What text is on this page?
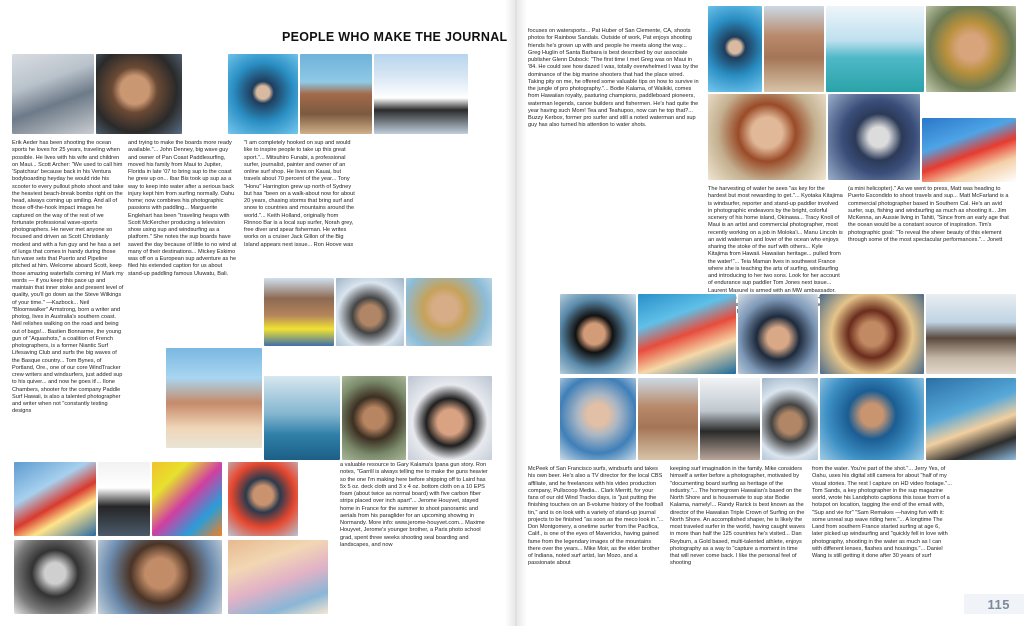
PEOPLE WHO MAKE THE JOURNAL
Erik Aeder has been shooting the ocean sports he loves for 25 years, traveling when possible. He lives with his wife and children on Maui... Scott Archer: "We used to call him 'Spatchsur' because back in his Ventura bodyboarding heyday he would ride his scooter to every pullout photo shoot and take the heaviest beach-break bombs right on the head, always coming up smiling. And all of those off-the-hook impact images he captured on the way of the rest of we fortunate professional wave-sports photographers. He never met anyone so focused and driven as Scott Christianly modest and with a fun guy and he has a set of lungs that comes in handy during those fun wave sets that Puerto and Pipeline pitched at him. Welcome aboard Scott, keep those amazing waterfalls coming in! Mark my words — if you keep this pace up and maintain that inner stoke and present level of quality, you'll go down as the Steve Wilkings of your time." —Kazbock... Neil "Bloomwalker" Armstrong, born a writer and photog, lives in Australia's southern coast. Neil relishes walking on the road and being out of bags!... Bastien Bonnarme, the young gun of "Aquashots," a coalition of French photographers, is a former Niantic Surf Lifesaving Club and surfs the big waves of the Basque country... Tom Bynes, of Portland, Ore., one of our core WindTracker crew writers and windsurfers, just added sup to his quiver... and now he goes it!... Ilone Chambers, shooter for the company Paddle Surf Hawaii, is also a talented photographer and writer when not "constantly testing designs
and trying to make the boards more ready available."... John Denney, big wave guy and owner of Pan Coast Paddlesurfing, moved his family from Maui to Jupiter, Florida in late '07 to bring sup to the coast he grew up on... Ibar Bis took up sup as a way to keep into water after a serious back injury kept him from surfing normally. Oahu home; now combines his photographic passions with paddling... Marguerite Englehart has been "traveling heaps with Scott McKercher producing a television show using sup and windsurfing as a platform." She notes the sup boards have saved the day because of little to no wind at many of their destinations... Mickey Eskimo was off on a European sup adventure as he filed his extended caption for us about stand-up paddling famous Uluwatu, Bali.
"I am completely hooked on sup and would like to inspire people to take up this great sport."... Mitsuhiro Funabi, a professional surfer, journalist, painter and owner of an online surf shop. He lives on Kauai, but travels about 70 percent of the year... Tony "Honu" Harrington grew up north of Sydney but has "been on a walk-about now for about 20 years, chasing storms that bring surf and snow to countries and mountains around the world."... Keith Holland, originally from Rinnoo Bar is a local sup surfer, Norah grey, free diver and spear fisherman. He writes works on a cruiser Jack Gillon of the Big Island appears next issue... Ron Hoove was
a valuable resource to Gary Kalama's Ipana gun story. Ron notes, "Garrill is always telling me to make the guns heavier so the one I'm making here before shipping off to Laird has 5x 5 oz. deck cloth and 3 x 4 oz. bottom cloth on a 10 EPS foam (about twice as normal board) with five carbon fiber strips placed over inch apart"... Jerome Houyvet, stayed home in France for the summer to shoot panoramic and aerials from his paraglider for an upcoming showing in Normandy. More info: www.jerome-houyvet.com... Maxime Houyvet, Jerome's younger brother, a Paris photo school grad, spent three weeks shooting seal boarding and landscapes, and now
focuses on watersports... Pat Huber of San Clemente, CA, shoots photos for Rainbow Sandals. Outside of work, Pat enjoys shooting friends he's grown up with and people he meets along the way... Greg Huglin of Santa Barbara is best described by our associate publisher Glenn Dubock: "The first time I met Greg was on Maui in '84. He could see how dazed I was, totally overwhelmed I was by the dominance of the big marine shooters that had the place wired. Taking pity on me, he offered some valuable tips on how to survive in the jungle of pro photography."... Bodie Kalama, of Waikiki, comes from Hawaiian royalty, pasturing champions, paddleboard pioneers, waterman legends, canoe builders and fishermen. He's had quite the year having such Mom! Tea and Teahupoo, now can he top that?... Buzzy Kerbox, former pro surfer and still a noted waterman and sup guy has also turned his attention to water shots.
The harvesting of water he sees "as key for the hardest but most rewarding to get."... Kyotaka Kitajima is windsurfer, reporter and stand-up paddler involved in photographic endeavors by the bright, colorful scenery of his home island, Okinawa... Tracy Knoll of Maui is an artist and commercial photographer, most recently working on a job in Moloka'i... Manu Lincoln is an avid waterman and lover of the ocean who enjoys sharing the stoke of the surf with others... Kyle Kitajima from Hawaii. Hawaiian heritage... pulled from the water!"... Teia Maman lives in southwest France where she is teaching the arts of surfing, windsurfing and introducing to her two sons. Look for her account of endurance sup paddler Tom Jones next issue... Laurent Masurel is armed with an MW ambassador. the
(a mini helicopter)." As we went to press, Matt was heading to Puerto Escondido to shoot travels and sup... Matt McFarland is a commercial photographer based in Southern Cal. He's an avid surfer, sup, fishing and windsurfing as much as shooting it... Jim McKenna, an Aussie living in Tahiti, "Since from an early age that the ocean would be a constant source of inspiration. Tim's photographic goal: "To reveal the sheer beauty of this element through some of the most spectacular performances."... Jonett
McPeek of San Francisco surfs, windsurfs and takes his own beer. He's also a TV director for the local CBS affiliate, and he freelances with his video production company, Pullscoop Media... Clark Merritt, for your fans of our old Wind Tracks days, is "just putting the finishing touches on an 8-volume history of the football tin," and is on look with a variety of stand-up journal projects to be finished "as soon as the meco look in."... Don Montgomery, a onetime surfer from the Pacifica, Calif., is one of the eyes of Mavericks, having gained fame from the legendary images of the mountains there over the years... Mike Moir, as the elder brother of Indiana, noted surf artist, Ian Mozo, and a passionate about
keeping surf imagination in the family. Mike considers himself a writer before a photographer, motivated by "documenting board surfing as heritage of the industry."... The homegrown Hawaiian's based on the North Shore and is housemate to sup star Bodie Kalama, namely!... Randy Rarick is best known as the director of the Hawaiian Triple Crown of Surfing on the North Shore. An accomplished shaper, he is likely the most traveled surfer in the world, having caught waves in more than half the 125 countries he's visited... Dan Reyburn, a Gold based, multi-talented athlete, enjoys photography as a way to "capture a moment in time that will never come back. I like the personal feel of shooting
from the water. You're part of the shot."... Jerry Yes, of Oahu, uses his digital still camera for about "half of my visual stories. The rest I capture on HD video footage."... Tom Sands, a key photographer in the sup magazine world, wrote his Landphoto captions this issue from of a hotspot on location, tagging the end of the email with, "Sup and vie for" "Sam Remakes —having fun with it: some unreal sup wave riding here."... A longtime The Land from southern France started surfing at age 6, later picked up windsurfing and "quickly fell in love with photography, shooting in the water as much as I can with different lenses, flashes and housings."... Daniel Wang is still getting it done after 30 years of surf
115
